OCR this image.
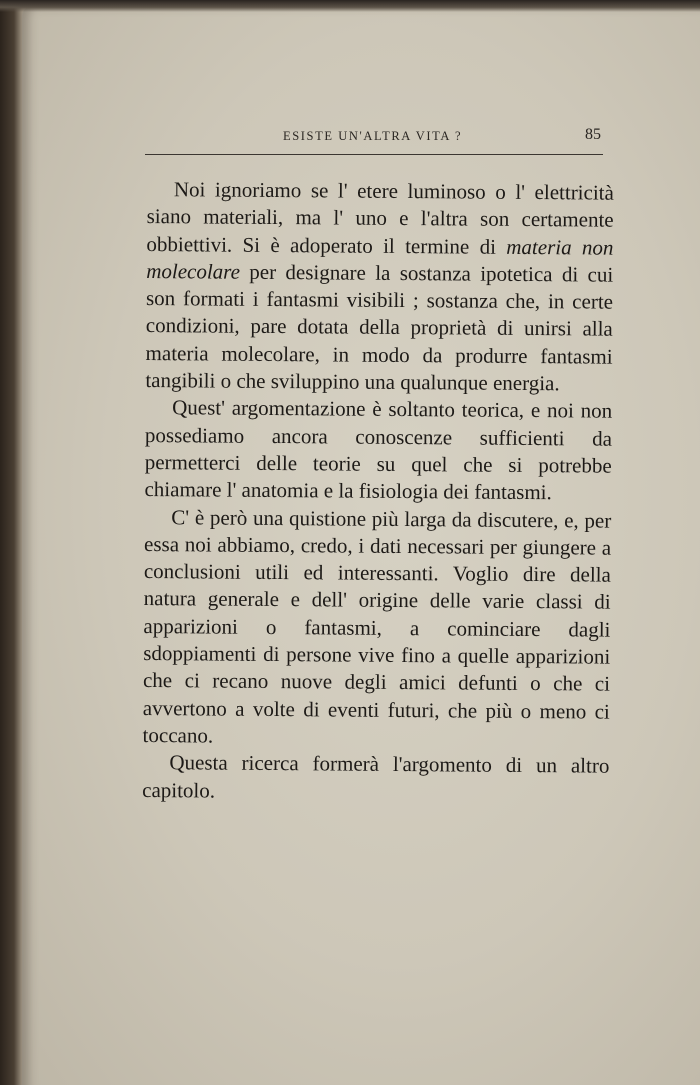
ESISTE UN'ALTRA VITA ?	85

Noi ignoriamo se l' etere luminoso o l' elettricità siano materiali, ma l' uno e l'altra son certamente obbiettivi. Si è adoperato il termine di materia non molecolare per designare la sostanza ipotetica di cui son formati i fantasmi visibili ; sostanza che, in certe condizioni, pare dotata della proprietà di unirsi alla materia molecolare, in modo da produrre fantasmi tangibili o che sviluppino una qualunque energia.

Quest' argomentazione è soltanto teorica, e noi non possediamo ancora conoscenze sufficienti da permetterci delle teorie su quel che si potrebbe chiamare l' anatomia e la fisiologia dei fantasmi.

C' è però una quistione più larga da discutere, e, per essa noi abbiamo, credo, i dati necessari per giungere a conclusioni utili ed interessanti. Voglio dire della natura generale e dell' origine delle varie classi di apparizioni o fantasmi, a cominciare dagli sdoppiamenti di persone vive fino a quelle apparizioni che ci recano nuove degli amici defunti o che ci avvertono a volte di eventi futuri, che più o meno ci toccano.

Questa ricerca formerà l'argomento di un altro capitolo.
